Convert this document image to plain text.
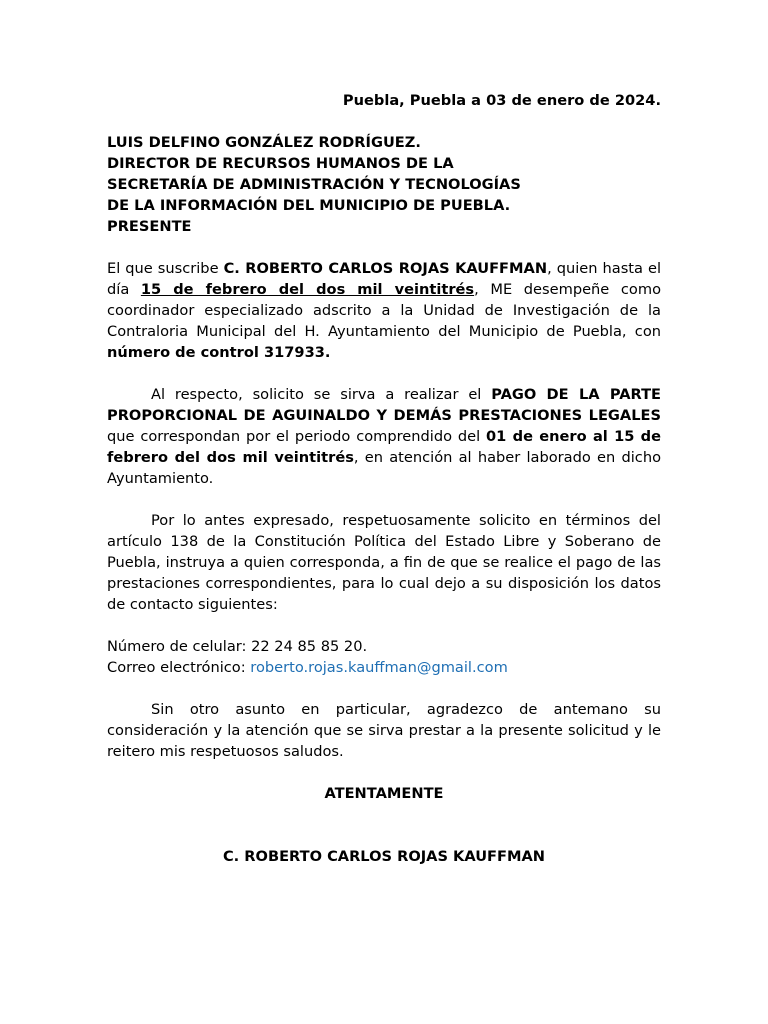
Puebla, Puebla a 03 de enero de 2024.
LUIS DELFINO GONZÁLEZ RODRÍGUEZ.
DIRECTOR DE RECURSOS HUMANOS DE LA
SECRETARÍA DE ADMINISTRACIÓN Y TECNOLOGÍAS
DE LA INFORMACIÓN DEL MUNICIPIO DE PUEBLA.
PRESENTE

El que suscribe C. ROBERTO CARLOS ROJAS KAUFFMAN, quien hasta el día 15 de febrero del dos mil veintitrés, ME desempeñe como coordinador especializado adscrito a la Unidad de Investigación de la Contraloria Municipal del H. Ayuntamiento del Municipio de Puebla, con número de control 317933.

Al respecto, solicito se sirva a realizar el PAGO DE LA PARTE PROPORCIONAL DE AGUINALDO Y DEMÁS PRESTACIONES LEGALES que correspondan por el periodo comprendido del 01 de enero al 15 de febrero del dos mil veintitrés, en atención al haber laborado en dicho Ayuntamiento.

Por lo antes expresado, respetuosamente solicito en términos del artículo 138 de la Constitución Política del Estado Libre y Soberano de Puebla, instruya a quien corresponda, a fin de que se realice el pago de las prestaciones correspondientes, para lo cual dejo a su disposición los datos de contacto siguientes:

Número de celular: 22 24 85 85 20.
Correo electrónico: roberto.rojas.kauffman@gmail.com

Sin otro asunto en particular, agradezco de antemano su consideración y la atención que se sirva prestar a la presente solicitud y le reitero mis respetuosos saludos.

ATENTAMENTE
C. ROBERTO CARLOS ROJAS KAUFFMAN
